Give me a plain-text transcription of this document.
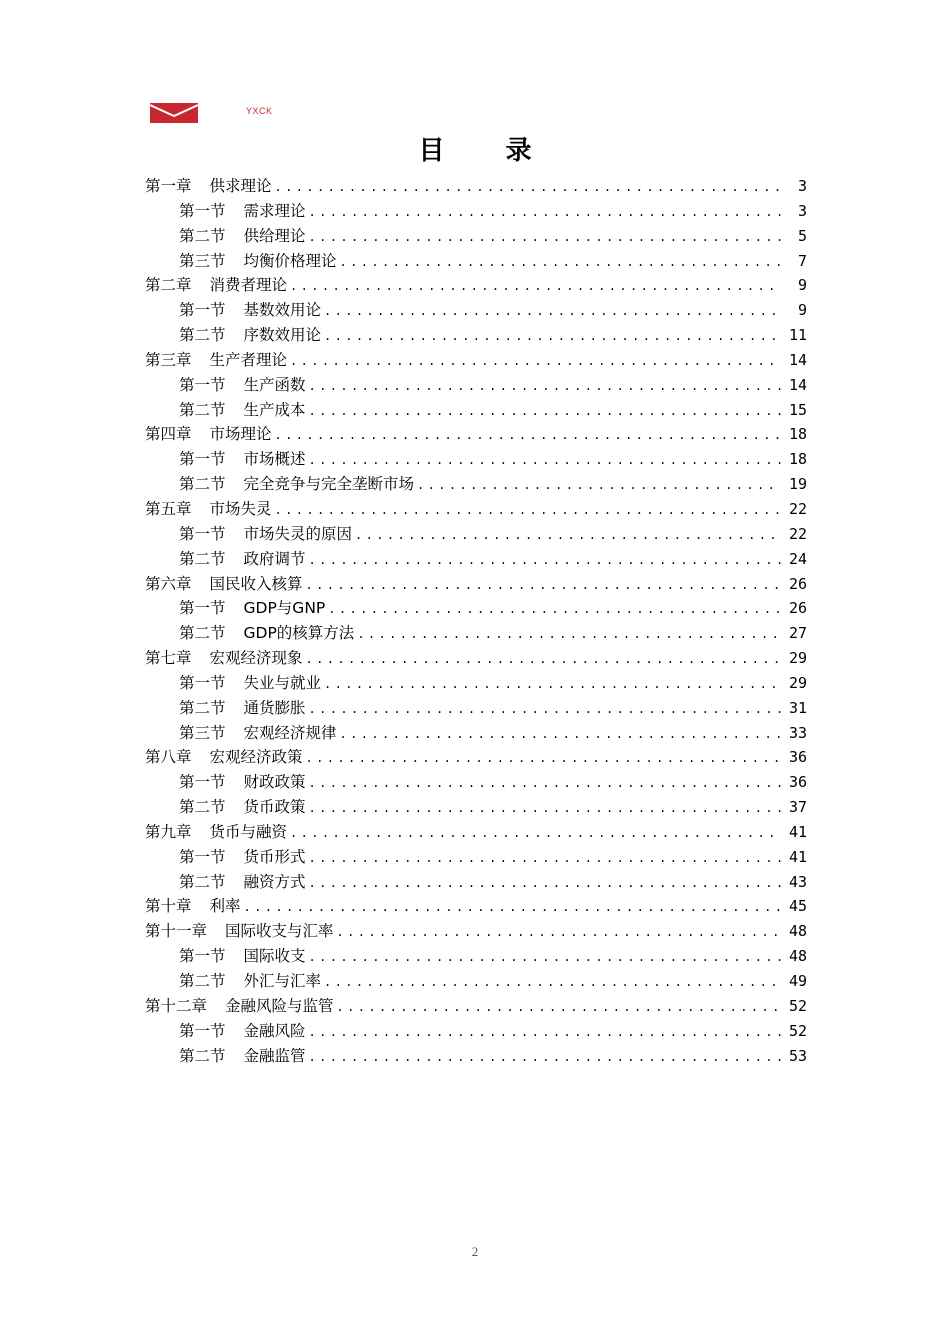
YXCK
目 录
第一章 供求理论 .....	3
第一节 需求理论 .....	3
第二节 供给理论 .....	5
第三节 均衡价格理论 .....	7
第二章 消费者理论 .....	9
第一节 基数效用论 .....	9
第二节 序数效用论 .....	11
第三章 生产者理论 .....	14
第一节 生产函数 .....	14
第二节 生产成本 .....	15
第四章 市场理论 .....	18
第一节 市场概述 .....	18
第二节 完全竞争与完全垄断市场 .....	19
第五章 市场失灵 .....	22
第一节 市场失灵的原因 .....	22
第二节 政府调节 .....	24
第六章 国民收入核算 .....	26
第一节 GDP与GNP .....	26
第二节 GDP的核算方法 .....	27
第七章 宏观经济现象 .....	29
第一节 失业与就业 .....	29
第二节 通货膨胀 .....	31
第三节 宏观经济规律 .....	33
第八章 宏观经济政策 .....	36
第一节 财政政策 .....	36
第二节 货币政策 .....	37
第九章 货币与融资 .....	41
第一节 货币形式 .....	41
第二节 融资方式 .....	43
第十章 利率 .....	45
第十一章 国际收支与汇率 .....	48
第一节 国际收支 .....	48
第二节 外汇与汇率 .....	49
第十二章 金融风险与监管 .....	52
第一节 金融风险 .....	52
第二节 金融监管 .....	53
2
